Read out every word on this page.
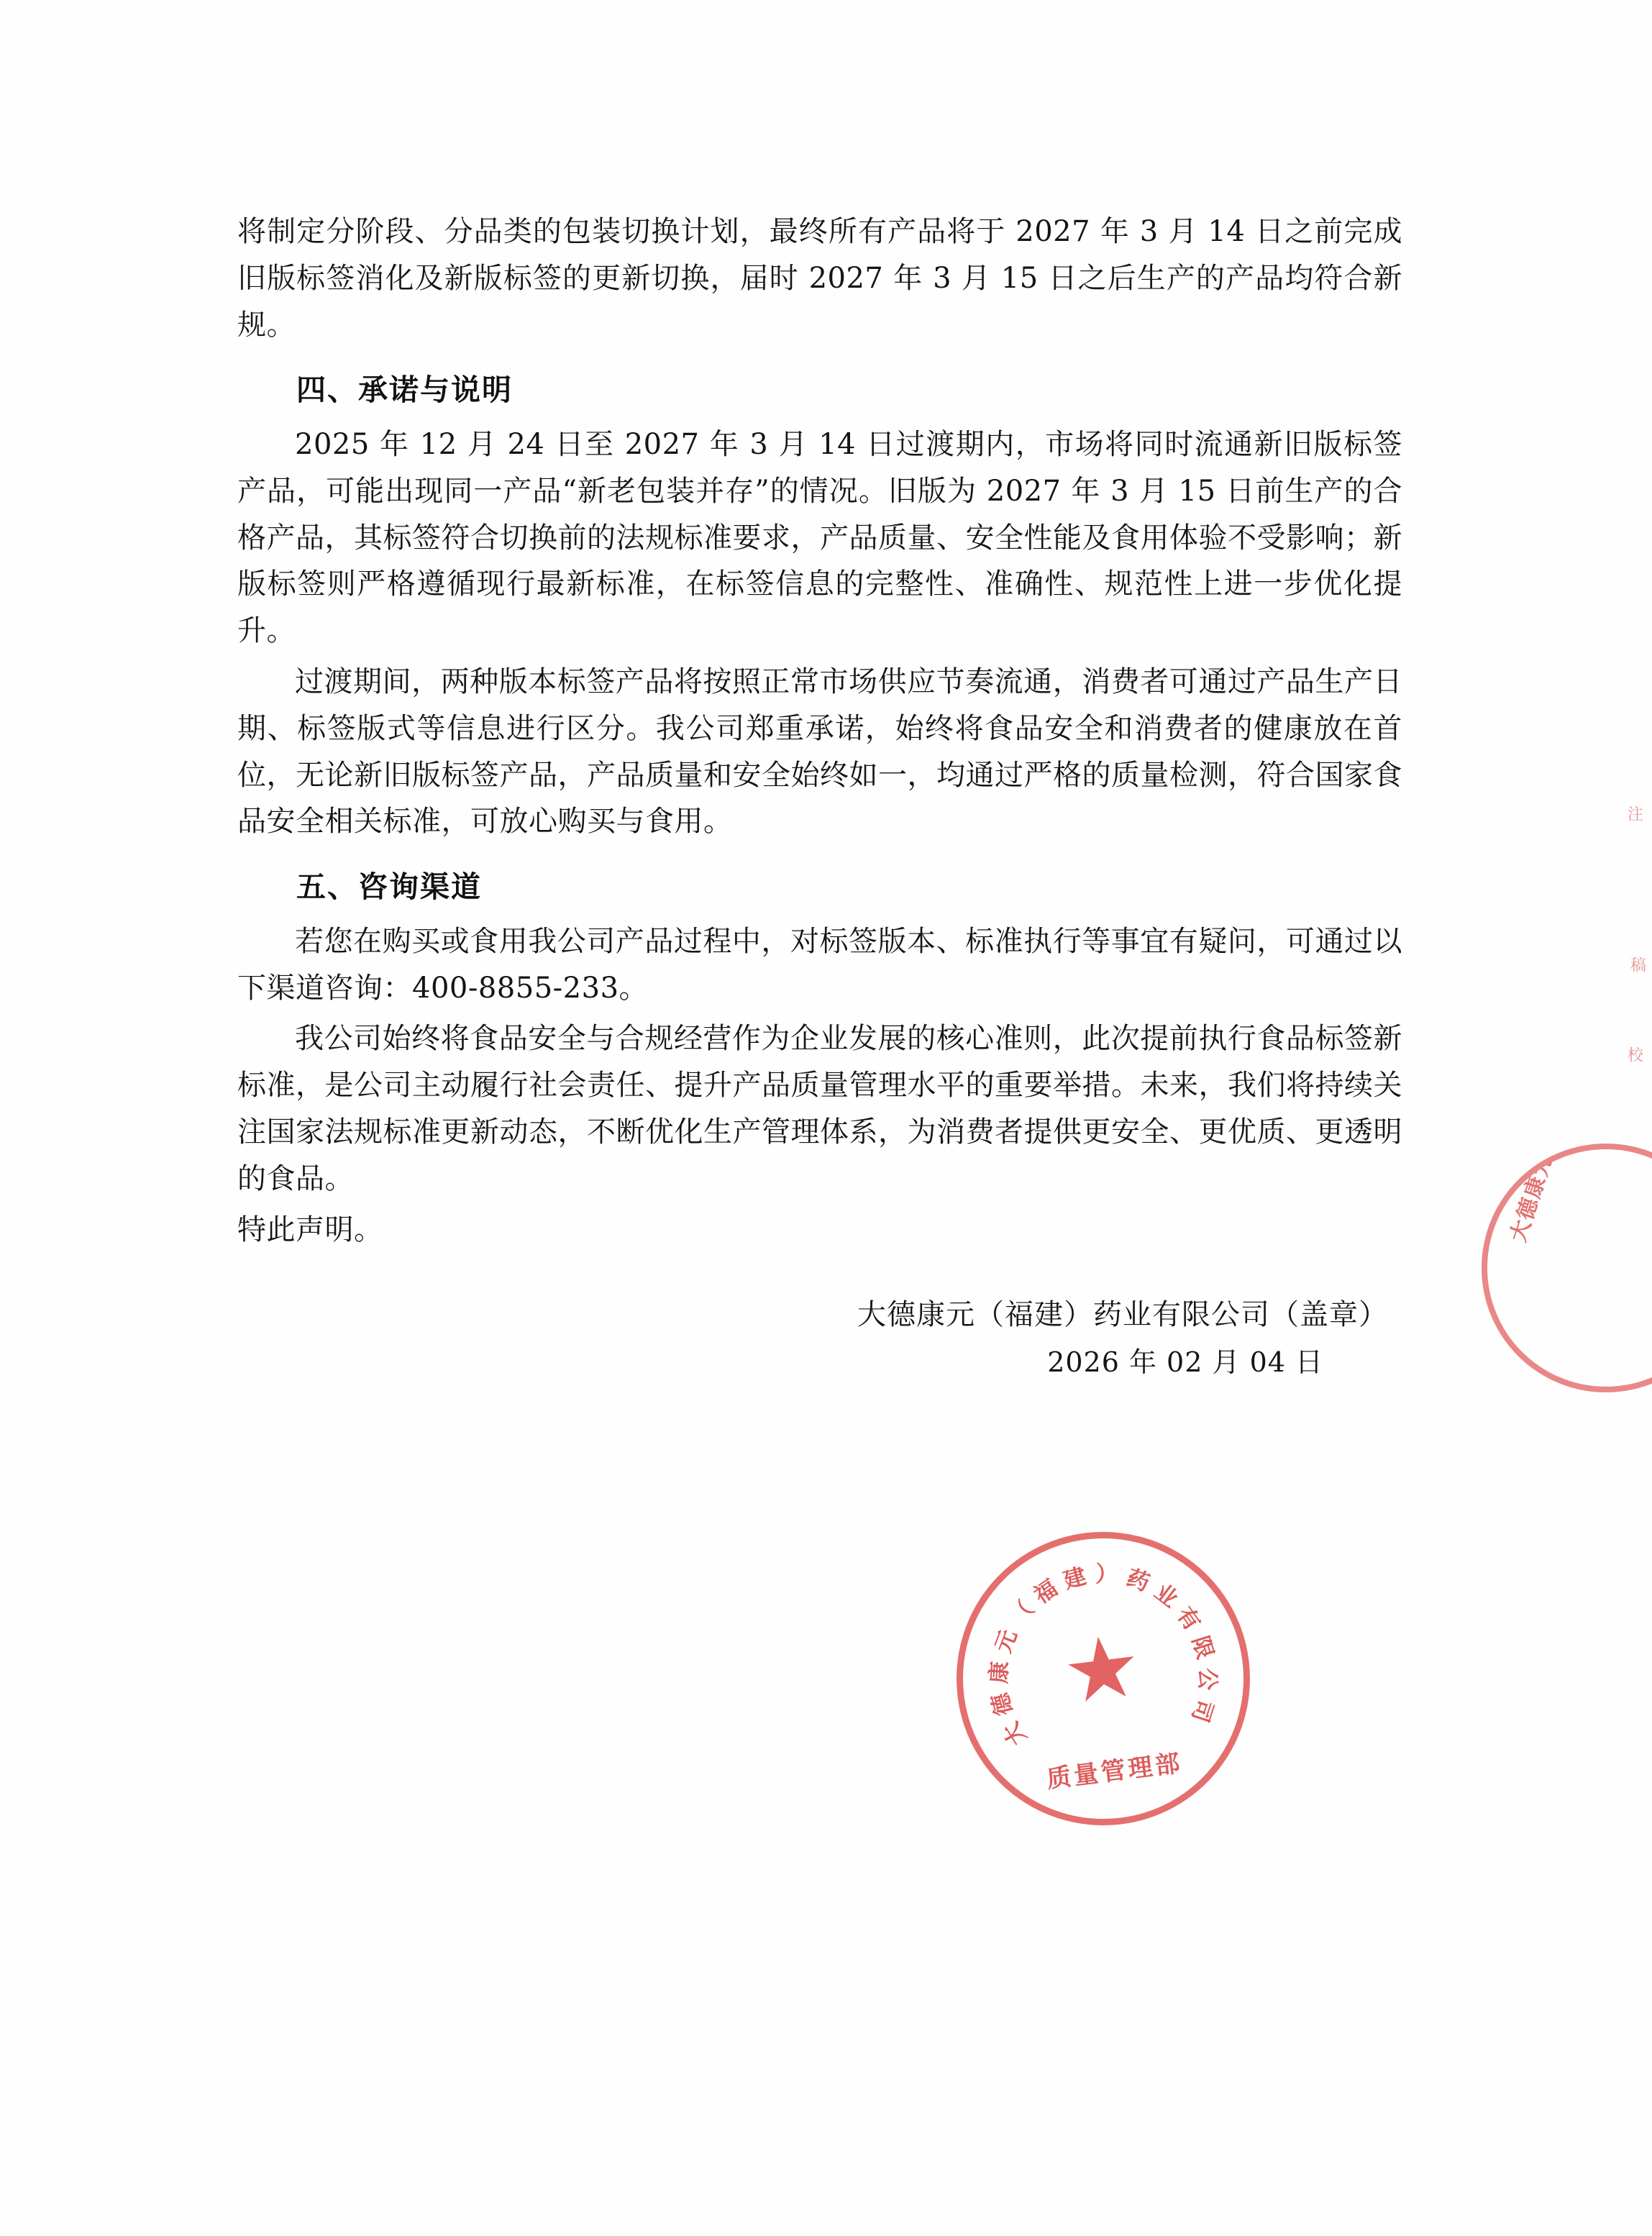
将制定分阶段、分品类的包装切换计划，最终所有产品将于 2027 年 3 月 14 日之前完成旧版标签消化及新版标签的更新切换，届时 2027 年 3 月 15 日之后生产的产品均符合新规。

四、承诺与说明

2025 年 12 月 24 日至 2027 年 3 月 14 日过渡期内，市场将同时流通新旧版标签产品，可能出现同一产品“新老包装并存”的情况。旧版为 2027 年 3 月 15 日前生产的合格产品，其标签符合切换前的法规标准要求，产品质量、安全性能及食用体验不受影响；新版标签则严格遵循现行最新标准，在标签信息的完整性、准确性、规范性上进一步优化提升。

过渡期间，两种版本标签产品将按照正常市场供应节奏流通，消费者可通过产品生产日期、标签版式等信息进行区分。我公司郑重承诺，始终将食品安全和消费者的健康放在首位，无论新旧版标签产品，产品质量和安全始终如一，均通过严格的质量检测，符合国家食品安全相关标准，可放心购买与食用。

五、咨询渠道

若您在购买或食用我公司产品过程中，对标签版本、标准执行等事宜有疑问，可通过以下渠道咨询：400-8855-233。

我公司始终将食品安全与合规经营作为企业发展的核心准则，此次提前执行食品标签新标准，是公司主动履行社会责任、提升产品质量管理水平的重要举措。未来，我们将持续关注国家法规标准更新动态，不断优化生产管理体系，为消费者提供更安全、更优质、更透明的食品。

特此声明。

大德康元（福建）药业有限公司（盖章）
2026 年 02 月 04 日
大
德
康
元
（
福
建 ） 药
业
有
限
公
司
★
质量管理部
大德康元
注
稿
校
